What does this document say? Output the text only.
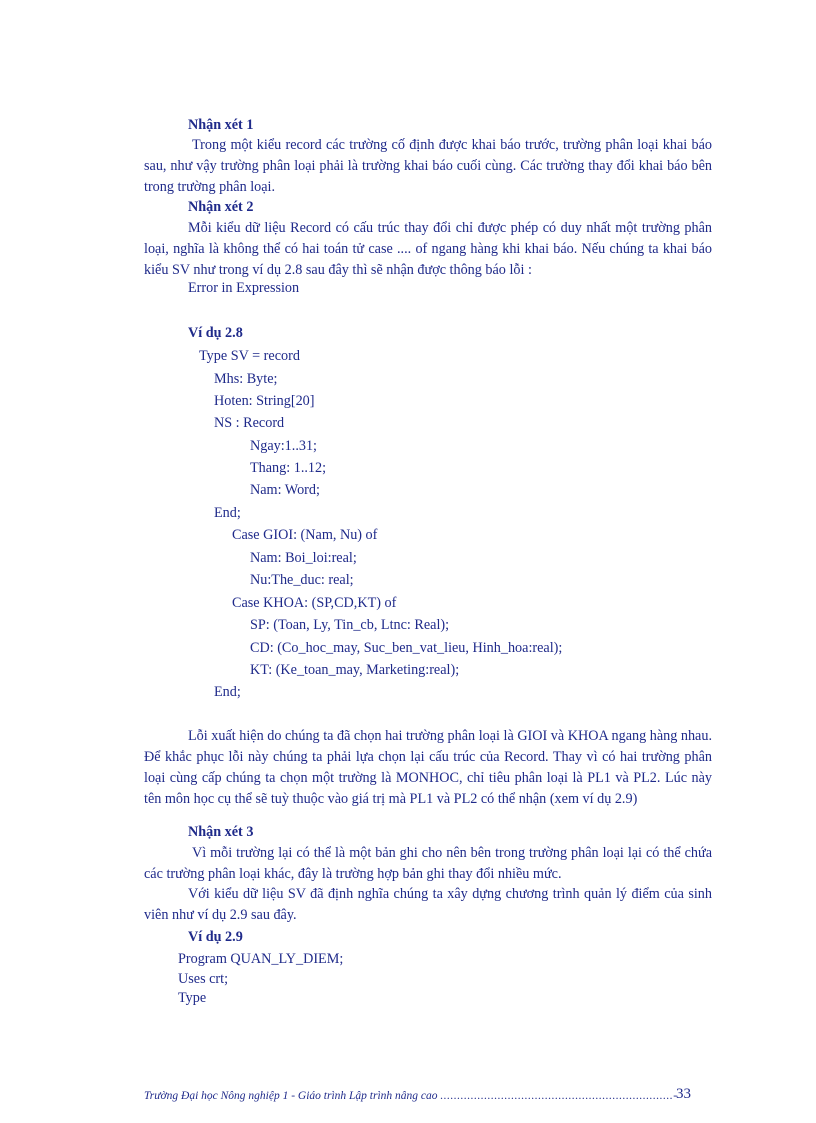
Nhận xét 1

Trong một kiểu record các trường cố định được khai báo trước, trường phân loại khai báo sau, như vậy trường phân loại phải là trường khai báo cuối cùng. Các trường thay đổi khai báo bên trong trường phân loại.

Nhận xét 2

Mỗi kiểu dữ liệu Record có cấu trúc thay đổi chỉ được phép có duy nhất một trường phân loại, nghĩa là không thể có hai toán tử case .... of ngang hàng khi khai báo. Nếu chúng ta khai báo kiểu SV như trong ví dụ 2.8 sau đây thì sẽ nhận được thông báo lỗi :

Error in Expression
Ví dụ 2.8
Type SV = record
Mhs: Byte;
Hoten: String[20]
NS : Record
Ngay:1..31;
Thang: 1..12;
Nam: Word;
End;
Case GIOI: (Nam, Nu) of
Nam: Boi_loi:real;
Nu:The_duc: real;
Case KHOA: (SP,CD,KT) of
SP: (Toan, Ly, Tin_cb, Ltnc: Real);
CD: (Co_hoc_may, Suc_ben_vat_lieu, Hinh_hoa:real);
KT: (Ke_toan_may, Marketing:real);
End;

Lỗi xuất hiện do chúng ta đã chọn hai trường phân loại là GIOI và KHOA ngang hàng nhau. Để khắc phục lỗi này chúng ta phải lựa chọn lại cấu trúc của Record. Thay vì có hai trường phân loại cùng cấp chúng ta chọn một trường là MONHOC, chỉ tiêu phân loại là PL1 và PL2. Lúc này tên môn học cụ thể sẽ tuỳ thuộc vào giá trị mà PL1 và PL2 có thể nhận (xem ví dụ 2.9)

Nhận xét 3

Vì mỗi trường lại có thể là một bản ghi cho nên bên trong trường phân loại lại có thể chứa các trường phân loại khác, đây là trường hợp bản ghi thay đổi nhiều mức.

Với kiểu dữ liệu SV đã định nghĩa chúng ta xây dựng chương trình quản lý điểm của sinh viên như ví dụ 2.9 sau đây.

Ví dụ 2.9
Program QUAN_LY_DIEM;
Uses crt;
Type
Trường Đại học Nông nghiệp 1 - Giáo trình Lập trình nâng cao .....................................................................-
33
